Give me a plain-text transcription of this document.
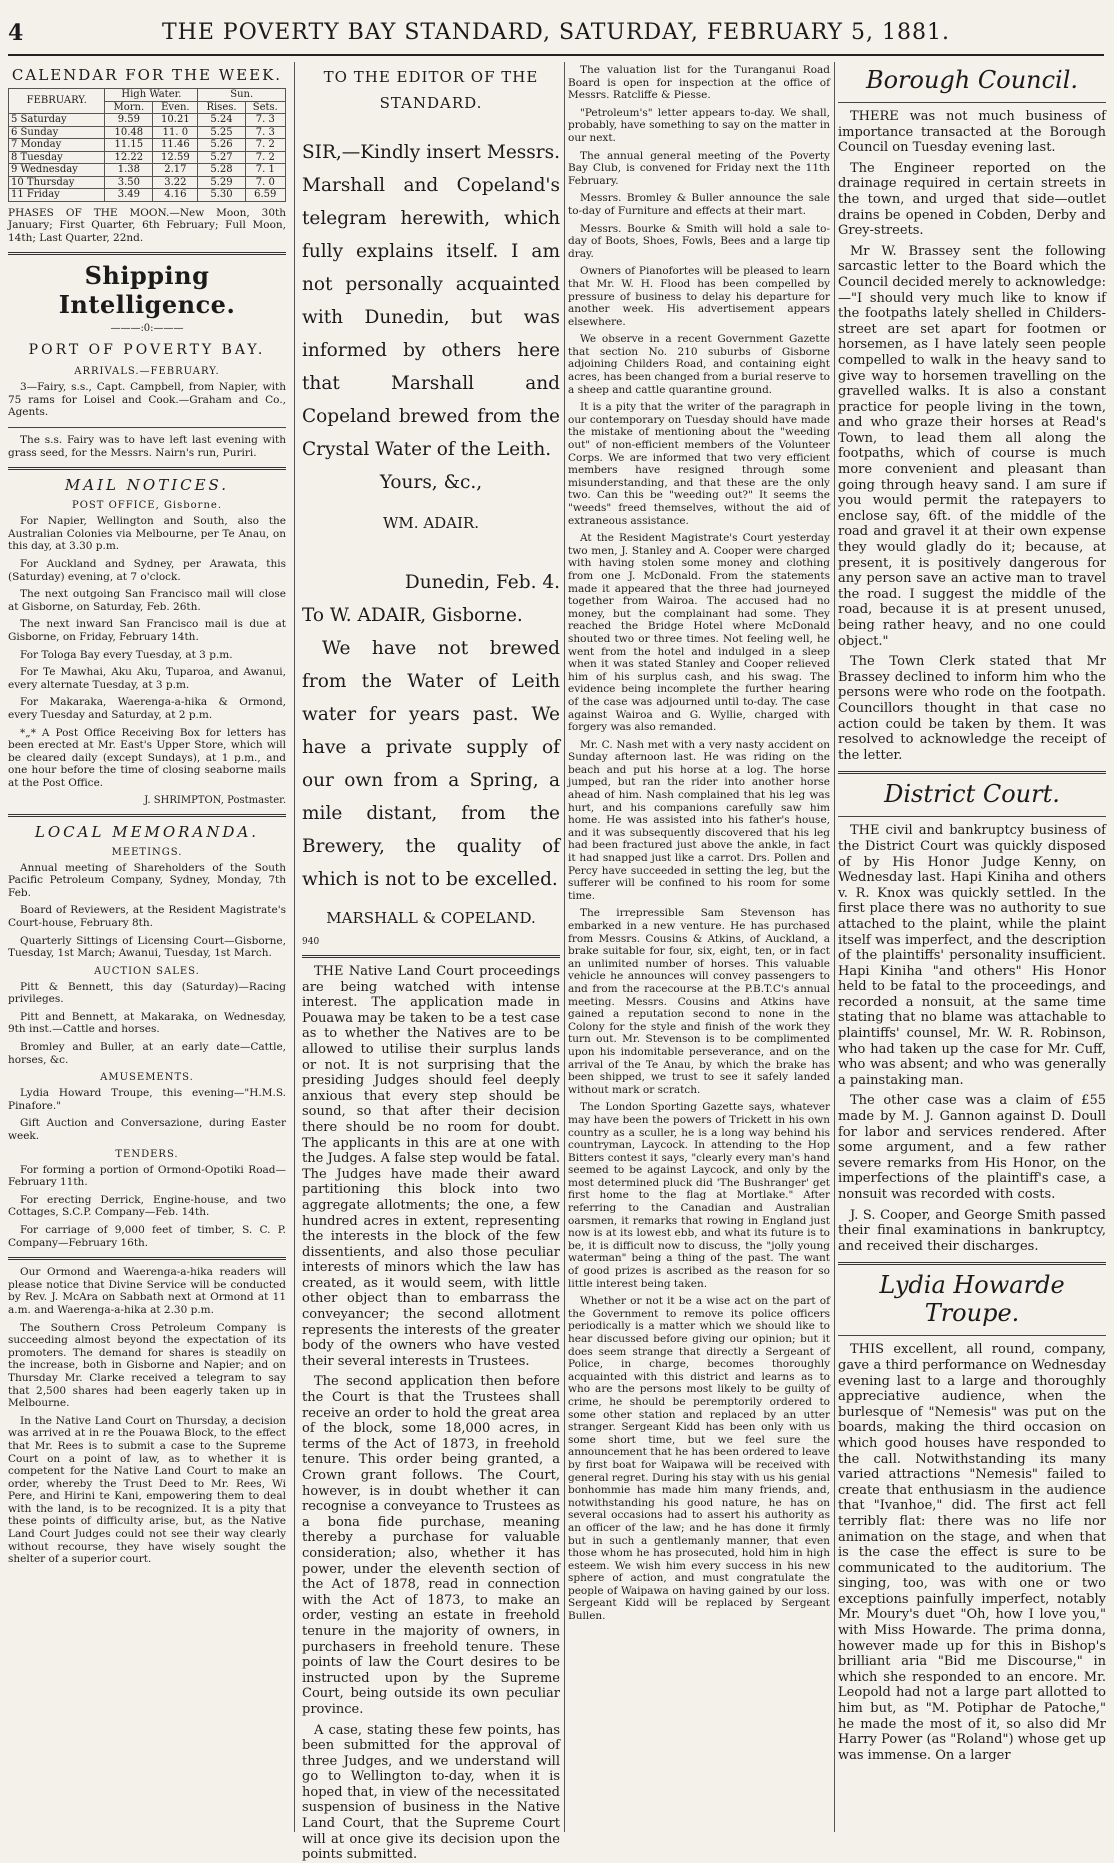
4	THE POVERTY BAY STANDARD, SATURDAY, FEBRUARY 5, 1881.
CALENDAR FOR THE WEEK.
FEBRUARY.	High Water.		Sun.	
	Morn.	Even.	Rises.	Sets.
5 Saturday	9.59	10.21	5.24	7. 3
6 Sunday	10.48	11. 0	5.25	7. 3
7 Monday	11.15	11.46	5.26	7. 2
8 Tuesday	12.22	12.59	5.27	7. 2
9 Wednesday	1.38	2.17	5.28	7. 1
10 Thursday	3.50	3.22	5.29	7. 0
11 Friday	3.49	4.16	5.30	6.59
PHASES OF THE MOON.—New Moon, 30th January; First Quarter, 6th February; Full Moon, 14th; Last Quarter, 22nd.
Shipping Intelligence.
———:0:———
PORT OF POVERTY BAY.
ARRIVALS.—FEBRUARY.

3—Fairy, s.s., Capt. Campbell, from Napier, with 75 rams for Loisel and Cook.—Graham and Co., Agents.

The s.s. Fairy was to have left last evening with grass seed, for the Messrs. Nairn's run, Puriri.

MAIL NOTICES.
POST OFFICE, Gisborne.

For Napier, Wellington and South, also the Australian Colonies via Melbourne, per Te Anau, on this day, at 3.30 p.m.

For Auckland and Sydney, per Arawata, this (Saturday) evening, at 7 o'clock.

The next outgoing San Francisco mail will close at Gisborne, on Saturday, Feb. 26th.

The next inward San Francisco mail is due at Gisborne, on Friday, February 14th.

For Tologa Bay every Tuesday, at 3 p.m.

For Te Mawhai, Aku Aku, Tuparoa, and Awanui, every alternate Tuesday, at 3 p.m.

For Makaraka, Waerenga-a-hika & Ormond, every Tuesday and Saturday, at 2 p.m.

*„* A Post Office Receiving Box for letters has been erected at Mr. East's Upper Store, which will be cleared daily (except Sundays), at 1 p.m., and one hour before the time of closing seaborne mails at the Post Office.

J. SHRIMPTON, Postmaster.
LOCAL MEMORANDA.
MEETINGS.

Annual meeting of Shareholders of the South Pacific Petroleum Company, Sydney, Monday, 7th Feb.

Board of Reviewers, at the Resident Magistrate's Court-house, February 8th.

Quarterly Sittings of Licensing Court—Gisborne, Tuesday, 1st March; Awanui, Tuesday, 1st March.

AUCTION SALES.

Pitt & Bennett, this day (Saturday)—Racing privileges.

Pitt and Bennett, at Makaraka, on Wednesday, 9th inst.—Cattle and horses.

Bromley and Buller, at an early date—Cattle, horses, &c.

AMUSEMENTS.

Lydia Howard Troupe, this evening—"H.M.S. Pinafore."

Gift Auction and Conversazione, during Easter week.

TENDERS.

For forming a portion of Ormond-Opotiki Road—February 11th.

For erecting Derrick, Engine-house, and two Cottages, S.C.P. Company—Feb. 14th.

For carriage of 9,000 feet of timber, S. C. P. Company—February 16th.

Our Ormond and Waerenga-a-hika readers will please notice that Divine Service will be conducted by Rev. J. McAra on Sabbath next at Ormond at 11 a.m. and Waerenga-a-hika at 2.30 p.m.

The Southern Cross Petroleum Company is succeeding almost beyond the expectation of its promoters. The demand for shares is steadily on the increase, both in Gisborne and Napier; and on Thursday Mr. Clarke received a telegram to say that 2,500 shares had been eagerly taken up in Melbourne.

In the Native Land Court on Thursday, a decision was arrived at in re the Pouawa Block, to the effect that Mr. Rees is to submit a case to the Supreme Court on a point of law, as to whether it is competent for the Native Land Court to make an order, whereby the Trust Deed to Mr. Rees, Wi Pere, and Hirini te Kani, empowering them to deal with the land, is to be recognized. It is a pity that these points of difficulty arise, but, as the Native Land Court Judges could not see their way clearly without recourse, they have wisely sought the shelter of a superior court.

TO THE EDITOR OF THE STANDARD.

SIR,—Kindly insert Messrs. Marshall and Copeland's telegram herewith, which fully explains itself. I am not personally acquainted with Dunedin, but was informed by others here that Marshall and Copeland brewed from the Crystal Water of the Leith.

Yours, &c.,

WM. ADAIR.

Dunedin, Feb. 4.

To W. ADAIR, Gisborne.

We have not brewed from the Water of Leith water for years past. We have a private supply of our own from a Spring, a mile distant, from the Brewery, the quality of which is not to be excelled.

MARSHALL & COPELAND.

940

THE Native Land Court proceedings are being watched with intense interest. The application made in Pouawa may be taken to be a test case as to whether the Natives are to be allowed to utilise their surplus lands or not. It is not surprising that the presiding Judges should feel deeply anxious that every step should be sound, so that after their decision there should be no room for doubt. The applicants in this are at one with the Judges. A false step would be fatal. The Judges have made their award partitioning this block into two aggregate allotments; the one, a few hundred acres in extent, representing the interests in the block of the few dissentients, and also those peculiar interests of minors which the law has created, as it would seem, with little other object than to embarrass the conveyancer; the second allotment represents the interests of the greater body of the owners who have vested their several interests in Trustees.

The second application then before the Court is that the Trustees shall receive an order to hold the great area of the block, some 18,000 acres, in terms of the Act of 1873, in freehold tenure. This order being granted, a Crown grant follows. The Court, however, is in doubt whether it can recognise a conveyance to Trustees as a bona fide purchase, meaning thereby a purchase for valuable consideration; also, whether it has power, under the eleventh section of the Act of 1878, read in connection with the Act of 1873, to make an order, vesting an estate in freehold tenure in the majority of owners, in purchasers in freehold tenure. These points of law the Court desires to be instructed upon by the Supreme Court, being outside its own peculiar province.

A case, stating these few points, has been submitted for the approval of three Judges, and we understand will go to Wellington to-day, when it is hoped that, in view of the necessitated suspension of business in the Native Land Court, that the Supreme Court will at once give its decision upon the points submitted.

The valuation list for the Turanganui Road Board is open for inspection at the office of Messrs. Ratcliffe & Piesse.

"Petroleum's" letter appears to-day. We shall, probably, have something to say on the matter in our next.

The annual general meeting of the Poverty Bay Club, is convened for Friday next the 11th February.

Messrs. Bromley & Buller announce the sale to-day of Furniture and effects at their mart.

Messrs. Bourke & Smith will hold a sale to-day of Boots, Shoes, Fowls, Bees and a large tip dray.

Owners of Pianofortes will be pleased to learn that Mr. W. H. Flood has been compelled by pressure of business to delay his departure for another week. His advertisement appears elsewhere.

We observe in a recent Government Gazette that section No. 210 suburbs of Gisborne adjoining Childers Road, and containing eight acres, has been changed from a burial reserve to a sheep and cattle quarantine ground.

It is a pity that the writer of the paragraph in our contemporary on Tuesday should have made the mistake of mentioning about the "weeding out" of non-efficient members of the Volunteer Corps. We are informed that two very efficient members have resigned through some misunderstanding, and that these are the only two. Can this be "weeding out?" It seems the "weeds" freed themselves, without the aid of extraneous assistance.

At the Resident Magistrate's Court yesterday two men, J. Stanley and A. Cooper were charged with having stolen some money and clothing from one J. McDonald. From the statements made it appeared that the three had journeyed together from Wairoa. The accused had no money, but the complainant had some. They reached the Bridge Hotel where McDonald shouted two or three times. Not feeling well, he went from the hotel and indulged in a sleep when it was stated Stanley and Cooper relieved him of his surplus cash, and his swag. The evidence being incomplete the further hearing of the case was adjourned until to-day. The case against Wairoa and G. Wyllie, charged with forgery was also remanded.

Mr. C. Nash met with a very nasty accident on Sunday afternoon last. He was riding on the beach and put his horse at a log. The horse jumped, but ran the rider into another horse ahead of him. Nash complained that his leg was hurt, and his companions carefully saw him home. He was assisted into his father's house, and it was subsequently discovered that his leg had been fractured just above the ankle, in fact it had snapped just like a carrot. Drs. Pollen and Percy have succeeded in setting the leg, but the sufferer will be confined to his room for some time.

The irrepressible Sam Stevenson has embarked in a new venture. He has purchased from Messrs. Cousins & Atkins, of Auckland, a brake suitable for four, six, eight, ten, or in fact an unlimited number of horses. This valuable vehicle he announces will convey passengers to and from the racecourse at the P.B.T.C's annual meeting. Messrs. Cousins and Atkins have gained a reputation second to none in the Colony for the style and finish of the work they turn out. Mr. Stevenson is to be complimented upon his indomitable perseverance, and on the arrival of the Te Anau, by which the brake has been shipped, we trust to see it safely landed without mark or scratch.

The London Sporting Gazette says, whatever may have been the powers of Trickett in his own country as a sculler, he is a long way behind his countryman, Laycock. In attending to the Hop Bitters contest it says, "clearly every man's hand seemed to be against Laycock, and only by the most determined pluck did 'The Bushranger' get first home to the flag at Mortlake." After referring to the Canadian and Australian oarsmen, it remarks that rowing in England just now is at its lowest ebb, and what its future is to be, it is difficult now to discuss, the "jolly young waterman" being a thing of the past. The want of good prizes is ascribed as the reason for so little interest being taken.

Whether or not it be a wise act on the part of the Government to remove its police officers periodically is a matter which we should like to hear discussed before giving our opinion; but it does seem strange that directly a Sergeant of Police, in charge, becomes thoroughly acquainted with this district and learns as to who are the persons most likely to be guilty of crime, he should be peremptorily ordered to some other station and replaced by an utter stranger. Sergeant Kidd has been only with us some short time, but we feel sure the announcement that he has been ordered to leave by first boat for Waipawa will be received with general regret. During his stay with us his genial bonhommie has made him many friends, and, notwithstanding his good nature, he has on several occasions had to assert his authority as an officer of the law; and he has done it firmly but in such a gentlemanly manner, that even those whom he has prosecuted, hold him in high esteem. We wish him every success in his new sphere of action, and must congratulate the people of Waipawa on having gained by our loss. Sergeant Kidd will be replaced by Sergeant Bullen.

Borough Council.

THERE was not much business of importance transacted at the Borough Council on Tuesday evening last.

The Engineer reported on the drainage required in certain streets in the town, and urged that side—outlet drains be opened in Cobden, Derby and Grey-streets.

Mr W. Brassey sent the following sarcastic letter to the Board which the Council decided merely to acknowledge:—"I should very much like to know if the footpaths lately shelled in Childers-street are set apart for footmen or horsemen, as I have lately seen people compelled to walk in the heavy sand to give way to horsemen travelling on the gravelled walks. It is also a constant practice for people living in the town, and who graze their horses at Read's Town, to lead them all along the footpaths, which of course is much more convenient and pleasant than going through heavy sand. I am sure if you would permit the ratepayers to enclose say, 6ft. of the middle of the road and gravel it at their own expense they would gladly do it; because, at present, it is positively dangerous for any person save an active man to travel the road. I suggest the middle of the road, because it is at present unused, being rather heavy, and no one could object."

The Town Clerk stated that Mr Brassey declined to inform him who the persons were who rode on the footpath. Councillors thought in that case no action could be taken by them. It was resolved to acknowledge the receipt of the letter.

District Court.

THE civil and bankruptcy business of the District Court was quickly disposed of by His Honor Judge Kenny, on Wednesday last. Hapi Kiniha and others v. R. Knox was quickly settled. In the first place there was no authority to sue attached to the plaint, while the plaint itself was imperfect, and the description of the plaintiffs' personality insufficient. Hapi Kiniha "and others" His Honor held to be fatal to the proceedings, and recorded a nonsuit, at the same time stating that no blame was attachable to plaintiffs' counsel, Mr. W. R. Robinson, who had taken up the case for Mr. Cuff, who was absent; and who was generally a painstaking man.

The other case was a claim of £55 made by M. J. Gannon against D. Doull for labor and services rendered. After some argument, and a few rather severe remarks from His Honor, on the imperfections of the plaintiff's case, a nonsuit was recorded with costs.

J. S. Cooper, and George Smith passed their final examinations in bankruptcy, and received their discharges.

Lydia Howarde Troupe.

THIS excellent, all round, company, gave a third performance on Wednesday evening last to a large and thoroughly appreciative audience, when the burlesque of "Nemesis" was put on the boards, making the third occasion on which good houses have responded to the call. Notwithstanding its many varied attractions "Nemesis" failed to create that enthusiasm in the audience that "Ivanhoe," did. The first act fell terribly flat: there was no life nor animation on the stage, and when that is the case the effect is sure to be communicated to the auditorium. The singing, too, was with one or two exceptions painfully imperfect, notably Mr. Moury's duet "Oh, how I love you," with Miss Howarde. The prima donna, however made up for this in Bishop's brilliant aria "Bid me Discourse," in which she responded to an encore. Mr. Leopold had not a large part allotted to him but, as "M. Potiphar de Patoche," he made the most of it, so also did Mr Harry Power (as "Roland") whose get up was immense. On a larger
